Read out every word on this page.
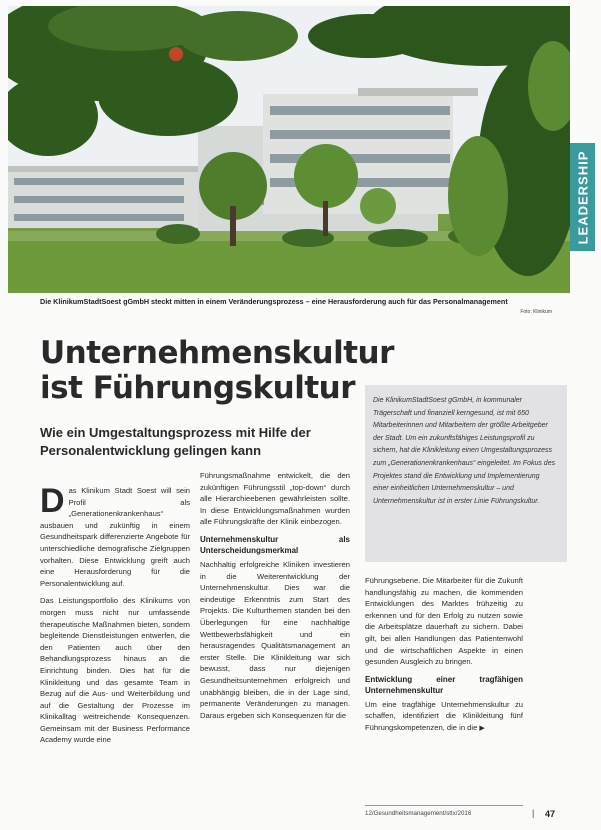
LEADERSHIP
Die KlinikumStadtSoest gGmbH steckt mitten in einem Veränderungsprozess – eine Herausforderung auch für das Personalmanagement
Foto: Klinikum
Unternehmenskultur
ist Führungskultur
Wie ein Umgestaltungsprozess mit Hilfe der Personalentwicklung gelingen kann

Die KlinikumStadtSoest gGmbH, in kommunaler Trägerschaft und finanziell kerngesund, ist mit 650 Mitarbeiterinnen und Mitarbeitern der größte Arbeitgeber der Stadt. Um ein zukunftsfähiges Leistungsprofil zu sichern, hat die Klinikleitung einen Umgestaltungsprozess zum „Generationenkrankenhaus“ eingeleitet. Im Fokus des Projektes stand die Entwicklung und Implementierung einer einheitlichen Unternehmenskultur – und Unternehmenskultur ist in erster Linie Führungskultur.

Das Klinikum Stadt Soest will sein Profil als „Generationenkrankenhaus“ ausbauen und zukünftig in einem Gesundheitspark differenzierte Angebote für unterschiedliche demografische Zielgruppen vorhalten. Diese Entwicklung greift auch eine Herausforderung für die Personalentwicklung auf.

Das Leistungsportfolio des Klinikums von morgen muss nicht nur umfassende therapeutische Maßnahmen bieten, sondern begleitende Dienstleistungen entwerfen, die den Patienten auch über den Behandlungsprozess hinaus an die Einrichtung binden. Dies hat für die Klinikleitung und das gesamte Team in Bezug auf die Aus- und Weiterbildung und auf die Gestaltung der Prozesse im Klinikalltag weitreichende Konsequenzen. Gemeinsam mit der Business Performance Academy wurde eine

Führungsmaßnahme entwickelt, die den zukünftigen Führungsstil „top-down“ durch alle Hierarchieebenen gewährleisten sollte. In diese Entwicklungsmaßnahmen wurden alle Führungskräfte der Klinik einbezogen.

Unternehmenskultur als Unterscheidungsmerkmal

Nachhaltig erfolgreiche Kliniken investieren in die Weiterentwicklung der Unternehmenskultur. Dies war die eindeutige Erkenntnis zum Start des Projekts. Die Kulturthemen standen bei den Überlegungen für eine nachhaltige Wettbewerbsfähigkeit und ein herausragendes Qualitätsmanagement an erster Stelle. Die Klinikleitung war sich bewusst, dass nur diejenigen Gesundheitsunternehmen erfolgreich und unabhängig bleiben, die in der Lage sind, permanente Veränderungen zu managen. Daraus ergeben sich Konsequenzen für die

Führungsebene. Die Mitarbeiter für die Zukunft handlungsfähig zu machen, die kommenden Entwicklungen des Marktes frühzeitig zu erkennen und für den Erfolg zu nutzen sowie die Arbeitsplätze dauerhaft zu sichern. Dabei gilt, bei allen Handlungen das Patientenwohl und die wirtschaftlichen Aspekte in einen gesunden Ausgleich zu bringen.

Entwicklung einer tragfähigen Unternehmenskultur

Um eine tragfähige Unternehmenskultur zu schaffen, identifiziert die Klinikleitung fünf Führungskompetenzen, die in die ▶

12/Gesundheitsmanagement/sttx/2016	| 47
